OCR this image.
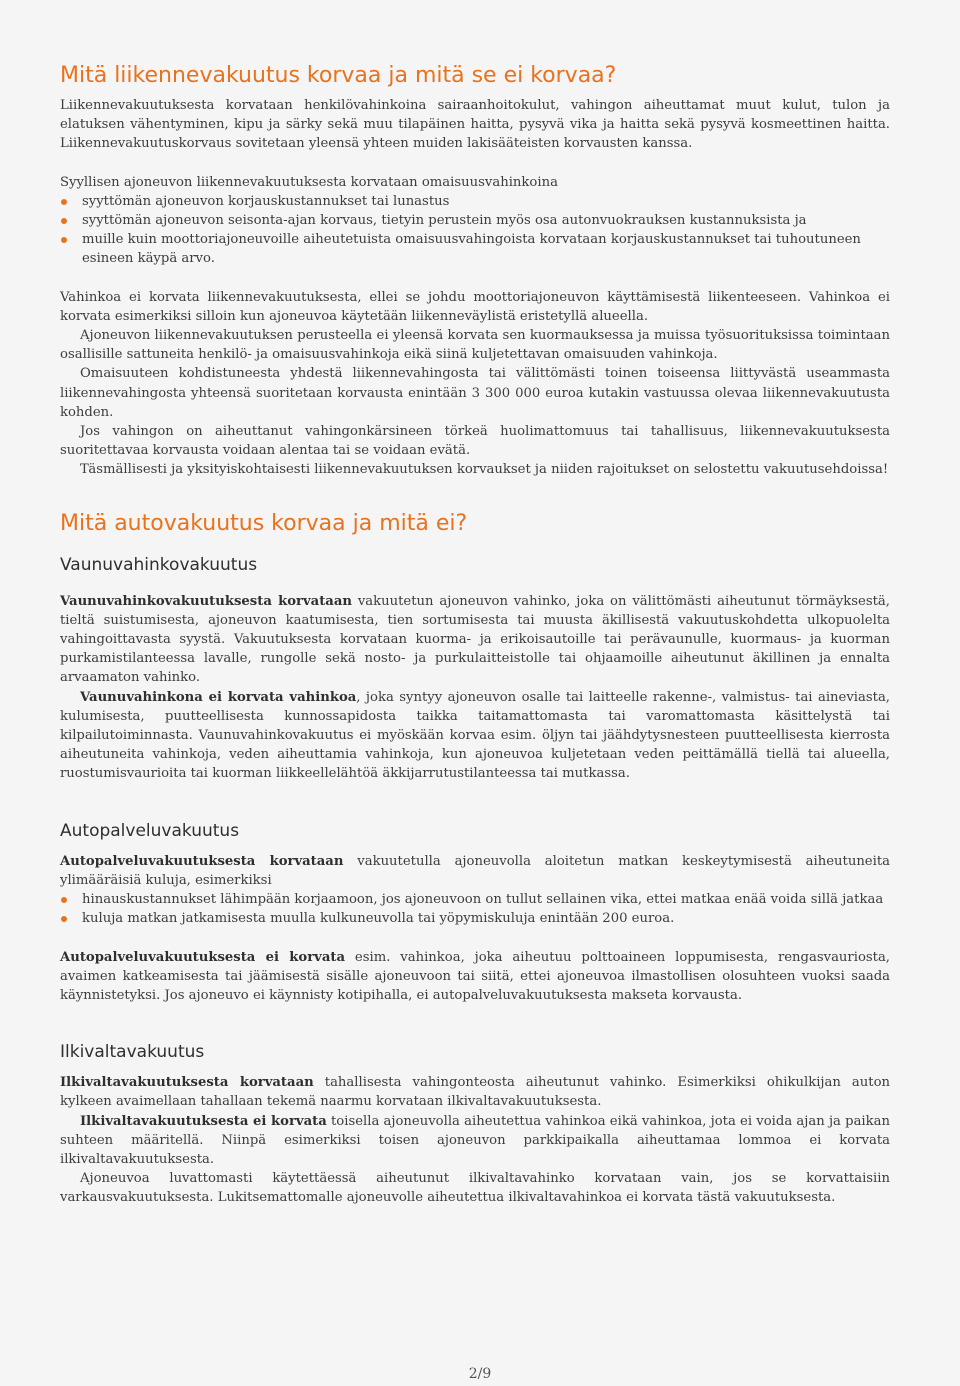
Mitä liikennevakuutus korvaa ja mitä se ei korvaa?

Liikennevakuutuksesta korvataan henkilövahinkoina sairaanhoitokulut, vahingon aiheuttamat muut kulut, tulon ja elatuksen vähentyminen, kipu ja särky sekä muu tilapäinen haitta, pysyvä vika ja haitta sekä pysyvä kosmeettinen haitta. Liikennevakuutuskorvaus sovitetaan yleensä yhteen muiden lakisääteisten korvausten kanssa.

Syyllisen ajoneuvon liikennevakuutuksesta korvataan omaisuusvahinkoina

syyttömän ajoneuvon korjauskustannukset tai lunastus
syyttömän ajoneuvon seisonta-ajan korvaus, tietyin perustein myös osa autonvuokrauksen kustannuksista ja
muille kuin moottoriajoneuvoille aiheutetuista omaisuusvahingoista korvataan korjauskustannukset tai tuhoutuneen esineen käypä arvo.

Vahinkoa ei korvata liikennevakuutuksesta, ellei se johdu moottoriajoneuvon käyttämisestä liikenteeseen. Vahinkoa ei korvata esimerkiksi silloin kun ajoneuvoa käytetään liikenneväylistä eristetyllä alueella.

Ajoneuvon liikennevakuutuksen perusteella ei yleensä korvata sen kuormauksessa ja muissa työsuorituksissa toimintaan osallisille sattuneita henkilö- ja omaisuusvahinkoja eikä siinä kuljetettavan omaisuuden vahinkoja.

Omaisuuteen kohdistuneesta yhdestä liikennevahingosta tai välittömästi toinen toiseensa liittyvästä useammasta liikennevahingosta yhteensä suoritetaan korvausta enintään 3 300 000 euroa kutakin vastuussa olevaa liikennevakuutusta kohden.

Jos vahingon on aiheuttanut vahingonkärsineen törkeä huolimattomuus tai tahallisuus, liikennevakuutuksesta suoritettavaa korvausta voidaan alentaa tai se voidaan evätä.

Täsmällisesti ja yksityiskohtaisesti liikennevakuutuksen korvaukset ja niiden rajoitukset on selostettu vakuutusehdoissa!

Mitä autovakuutus korvaa ja mitä ei?
Vaunuvahinkovakuutus

Vaunuvahinkovakuutuksesta korvataan vakuutetun ajoneuvon vahinko, joka on välittömästi aiheutunut törmäyksestä, tieltä suistumisesta, ajoneuvon kaatumisesta, tien sortumisesta tai muusta äkillisestä vakuutuskohdetta ulkopuolelta vahingoittavasta syystä. Vakuutuksesta korvataan kuorma- ja erikoisautoille tai perävaunulle, kuormaus- ja kuorman purkamistilanteessa lavalle, rungolle sekä nosto- ja purkulaitteistolle tai ohjaamoille aiheutunut äkillinen ja ennalta arvaamaton vahinko.

Vaunuvahinkona ei korvata vahinkoa, joka syntyy ajoneuvon osalle tai laitteelle rakenne-, valmistus- tai aineviasta, kulumisesta, puutteellisesta kunnossapidosta taikka taitamattomasta tai varomattomasta käsittelystä tai kilpailutoiminnasta. Vaunuvahinkovakuutus ei myöskään korvaa esim. öljyn tai jäähdytysnesteen puutteellisesta kierrosta aiheutuneita vahinkoja, veden aiheuttamia vahinkoja, kun ajoneuvoa kuljetetaan veden peittämällä tiellä tai alueella, ruostumisvaurioita tai kuorman liikkeellelähtöä äkkijarrutustilanteessa tai mutkassa.

Autopalveluvakuutus

Autopalveluvakuutuksesta korvataan vakuutetulla ajoneuvolla aloitetun matkan keskeytymisestä aiheutuneita ylimääräisiä kuluja, esimerkiksi

hinauskustannukset lähimpään korjaamoon, jos ajoneuvoon on tullut sellainen vika, ettei matkaa enää voida sillä jatkaa
kuluja matkan jatkamisesta muulla kulkuneuvolla tai yöpymiskuluja enintään 200 euroa.

Autopalveluvakuutuksesta ei korvata esim. vahinkoa, joka aiheutuu polttoaineen loppumisesta, rengasvauriosta, avaimen katkeamisesta tai jäämisestä sisälle ajoneuvoon tai siitä, ettei ajoneuvoa ilmastollisen olosuhteen vuoksi saada käynnistetyksi. Jos ajoneuvo ei käynnisty kotipihalla, ei autopalveluvakuutuksesta makseta korvausta.

Ilkivaltavakuutus

Ilkivaltavakuutuksesta korvataan tahallisesta vahingonteosta aiheutunut vahinko. Esimerkiksi ohikulkijan auton kylkeen avaimellaan tahallaan tekemä naarmu korvataan ilkivaltavakuutuksesta.

Ilkivaltavakuutuksesta ei korvata toisella ajoneuvolla aiheutettua vahinkoa eikä vahinkoa, jota ei voida ajan ja paikan suhteen määritellä. Niinpä esimerkiksi toisen ajoneuvon parkkipaikalla aiheuttamaa lommoa ei korvata ilkivaltavakuutuksesta.

Ajoneuvoa luvattomasti käytettäessä aiheutunut ilkivaltavahinko korvataan vain, jos se korvattaisiin varkausvakuutuksesta. Lukitsemattomalle ajoneuvolle aiheutettua ilkivaltavahinkoa ei korvata tästä vakuutuksesta.

2/9
